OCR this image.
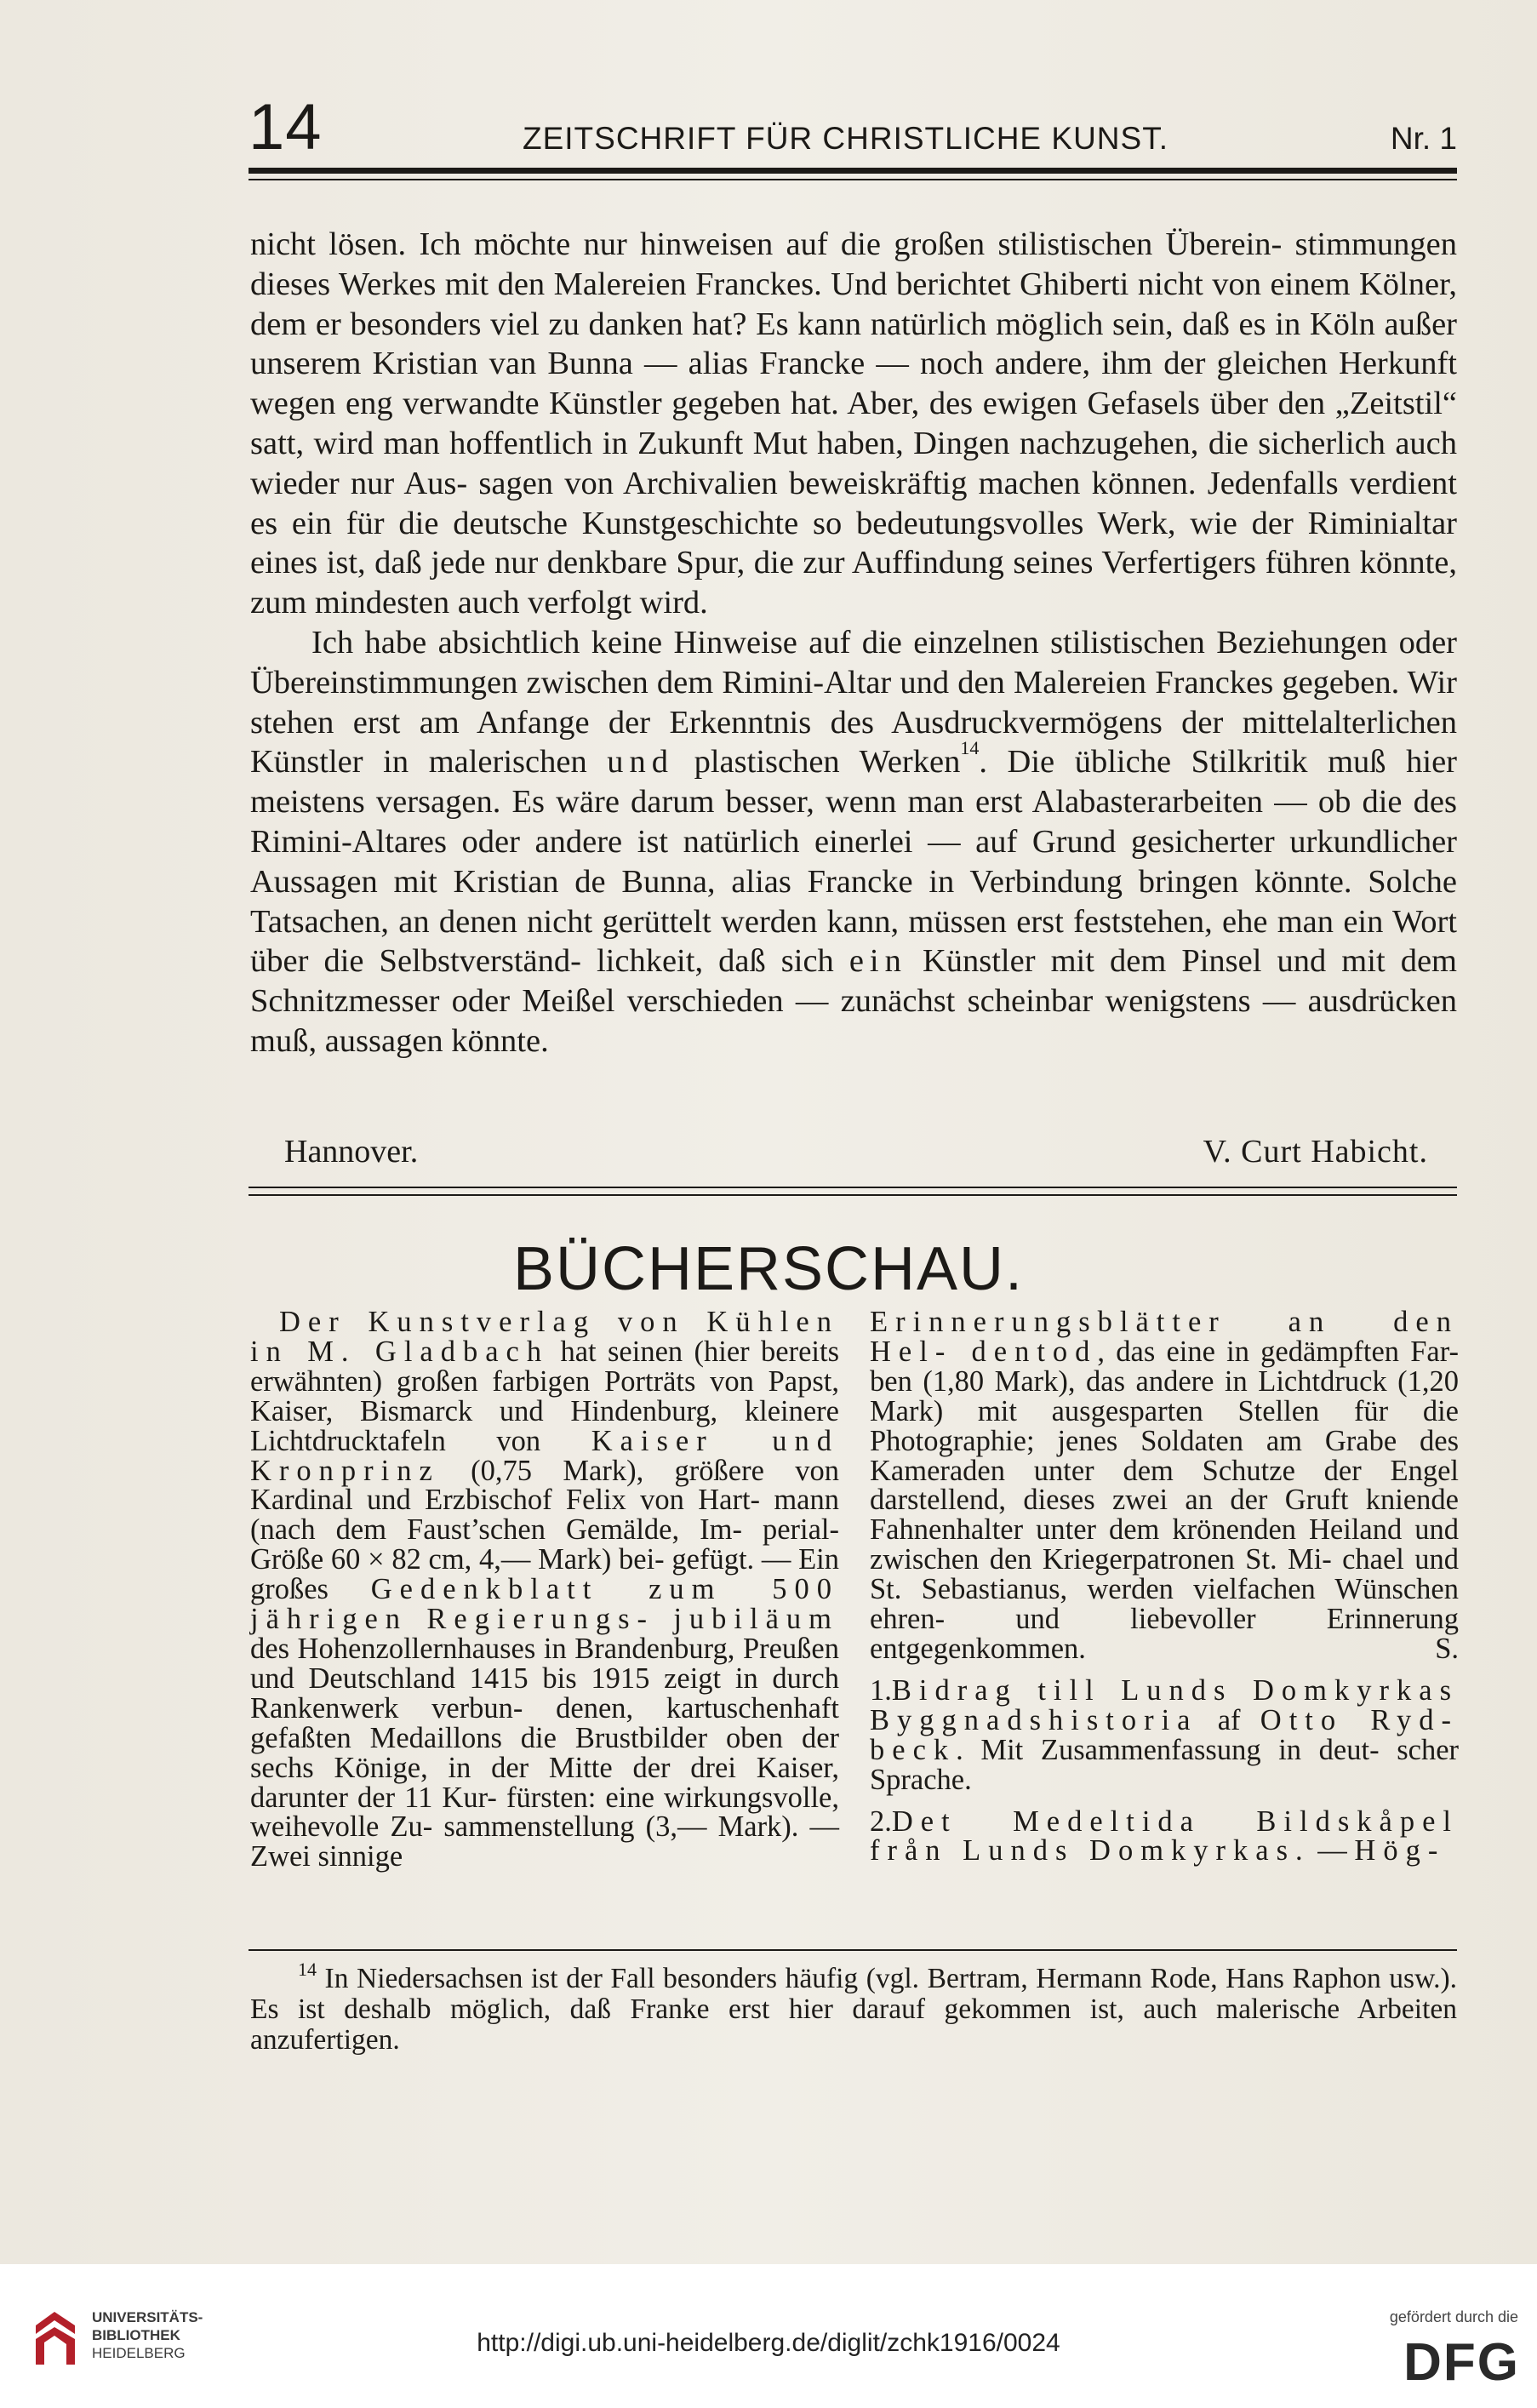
14	ZEITSCHRIFT FÜR CHRISTLICHE KUNST.	Nr. 1

nicht lösen. Ich möchte nur hinweisen auf die großen stilistischen Überein- stimmungen dieses Werkes mit den Malereien Franckes. Und berichtet Ghiberti nicht von einem Kölner, dem er besonders viel zu danken hat? Es kann natürlich möglich sein, daß es in Köln außer unserem Kristian van Bunna — alias Francke — noch andere, ihm der gleichen Herkunft wegen eng verwandte Künstler gegeben hat. Aber, des ewigen Gefasels über den „Zeitstil“ satt, wird man hoffentlich in Zukunft Mut haben, Dingen nachzugehen, die sicherlich auch wieder nur Aus- sagen von Archivalien beweiskräftig machen können. Jedenfalls verdient es ein für die deutsche Kunstgeschichte so bedeutungsvolles Werk, wie der Riminialtar eines ist, daß jede nur denkbare Spur, die zur Auffindung seines Verfertigers führen könnte, zum mindesten auch verfolgt wird.

Ich habe absichtlich keine Hinweise auf die einzelnen stilistischen Beziehungen oder Übereinstimmungen zwischen dem Rimini-Altar und den Malereien Franckes gegeben. Wir stehen erst am Anfange der Erkenntnis des Ausdruckvermögens der mittelalterlichen Künstler in malerischen und plastischen Werken$^{14}$. Die übliche Stilkritik muß hier meistens versagen. Es wäre darum besser, wenn man erst Alabasterarbeiten — ob die des Rimini-Altares oder andere ist natürlich einerlei — auf Grund gesicherter urkundlicher Aussagen mit Kristian de Bunna, alias Francke in Verbindung bringen könnte. Solche Tatsachen, an denen nicht gerüttelt werden kann, müssen erst feststehen, ehe man ein Wort über die Selbstverständ- lichkeit, daß sich ein Künstler mit dem Pinsel und mit dem Schnitzmesser oder Meißel verschieden — zunächst scheinbar wenigstens — ausdrücken muß, aussagen könnte.

Hannover.	V. Curt Habicht.
BÜCHERSCHAU.

Der Kunstverlag von Kühlen in M. Gladbach hat seinen (hier bereits erwähnten) großen farbigen Porträts von Papst, Kaiser, Bismarck und Hindenburg, kleinere Lichtdrucktafeln von Kaiser und Kronprinz (0,75 Mark), größere von Kardinal und Erzbischof Felix von Hart- mann (nach dem Faust’schen Gemälde, Im- perial-Größe 60 × 82 cm, 4,— Mark) bei- gefügt. — Ein großes Gedenkblatt zum 500 jährigen Regierungs- jubiläum des Hohenzollernhauses in Brandenburg, Preußen und Deutschland 1415 bis 1915 zeigt in durch Rankenwerk verbun- denen, kartuschenhaft gefaßten Medaillons die Brustbilder oben der sechs Könige, in der Mitte der drei Kaiser, darunter der 11 Kur- fürsten: eine wirkungsvolle, weihevolle Zu- sammenstellung (3,— Mark). — Zwei sinnige

Erinnerungsblätter an den Hel- dentod, das eine in gedämpften Far- ben (1,80 Mark), das andere in Lichtdruck (1,20 Mark) mit ausgesparten Stellen für die Photographie; jenes Soldaten am Grabe des Kameraden unter dem Schutze der Engel darstellend, dieses zwei an der Gruft kniende Fahnenhalter unter dem krönenden Heiland und zwischen den Kriegerpatronen St. Mi- chael und St. Sebastianus, werden vielfachen Wünschen ehren- und liebevoller Erinnerung entgegenkommen.	S.

1.Bidrag till Lunds Domkyrkas Byggnadshistoria af Otto Ryd- beck. Mit Zusammenfassung in deut- scher Sprache.

2.Det Medeltida Bildskåpel från Lunds Domkyrkas. — Hög-

$^{14}$ In Niedersachsen ist der Fall besonders häufig (vgl. Bertram, Hermann Rode, Hans Raphon usw.). Es ist deshalb möglich, daß Franke erst hier darauf gekommen ist, auch malerische Arbeiten anzufertigen.

UNIVERSITÄTS-
BIBLIOTHEK
HEIDELBERG	http://digi.ub.uni-heidelberg.de/diglit/zchk1916/0024
gefördert durch die
DFG
